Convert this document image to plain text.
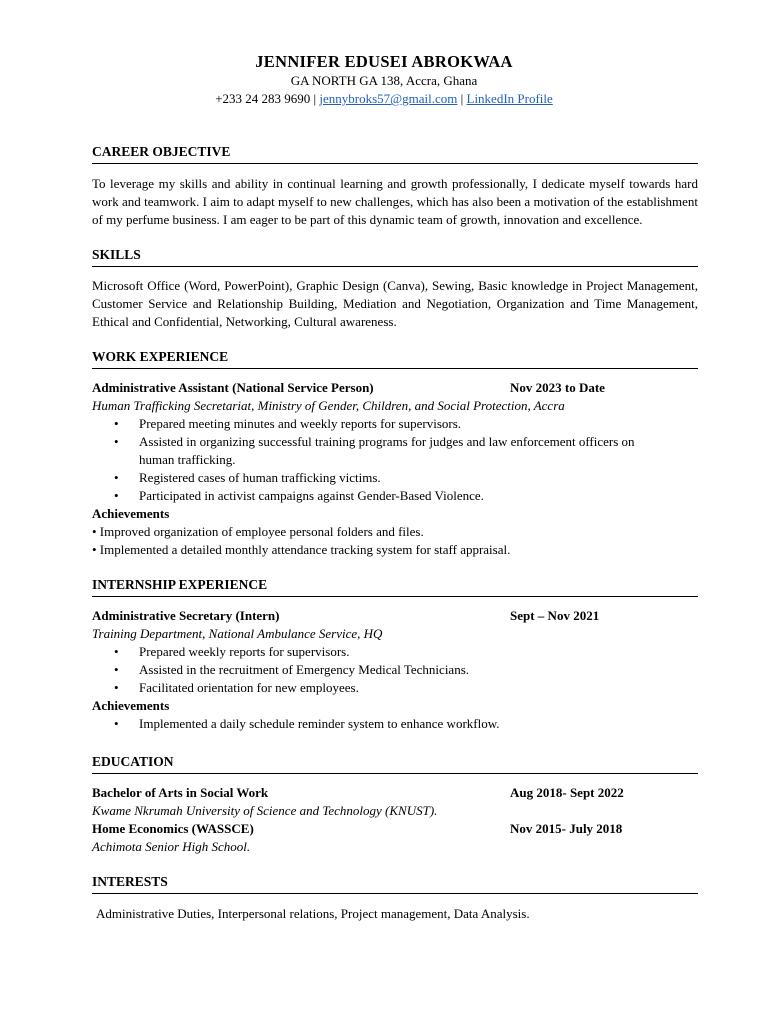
JENNIFER EDUSEI ABROKWAA
GA NORTH GA 138, Accra, Ghana
+233 24 283 9690 | jennybroks57@gmail.com | LinkedIn Profile
CAREER OBJECTIVE

To leverage my skills and ability in continual learning and growth professionally, I dedicate myself towards hard work and teamwork. I aim to adapt myself to new challenges, which has also been a motivation of the establishment of my perfume business. I am eager to be part of this dynamic team of growth, innovation and excellence.

SKILLS

Microsoft Office (Word, PowerPoint), Graphic Design (Canva), Sewing, Basic knowledge in Project Management, Customer Service and Relationship Building, Mediation and Negotiation, Organization and Time Management, Ethical and Confidential, Networking, Cultural awareness.

WORK EXPERIENCE
Administrative Assistant (National Service Person)	Nov 2023 to Date
Human Trafficking Secretariat, Ministry of Gender, Children, and Social Protection, Accra
• Prepared meeting minutes and weekly reports for supervisors.
• Assisted in organizing successful training programs for judges and law enforcement officers on human trafficking.
• Registered cases of human trafficking victims.
• Participated in activist campaigns against Gender-Based Violence.
Achievements
• Improved organization of employee personal folders and files.
• Implemented a detailed monthly attendance tracking system for staff appraisal.
INTERNSHIP EXPERIENCE
Administrative Secretary (Intern)	Sept – Nov 2021
Training Department, National Ambulance Service, HQ
• Prepared weekly reports for supervisors.
• Assisted in the recruitment of Emergency Medical Technicians.
• Facilitated orientation for new employees.
Achievements
• Implemented a daily schedule reminder system to enhance workflow.
EDUCATION
Bachelor of Arts in Social Work	Aug 2018- Sept 2022
Kwame Nkrumah University of Science and Technology (KNUST).
Home Economics (WASSCE)	Nov 2015- July 2018
Achimota Senior High School.
INTERESTS
Administrative Duties, Interpersonal relations, Project management, Data Analysis.
